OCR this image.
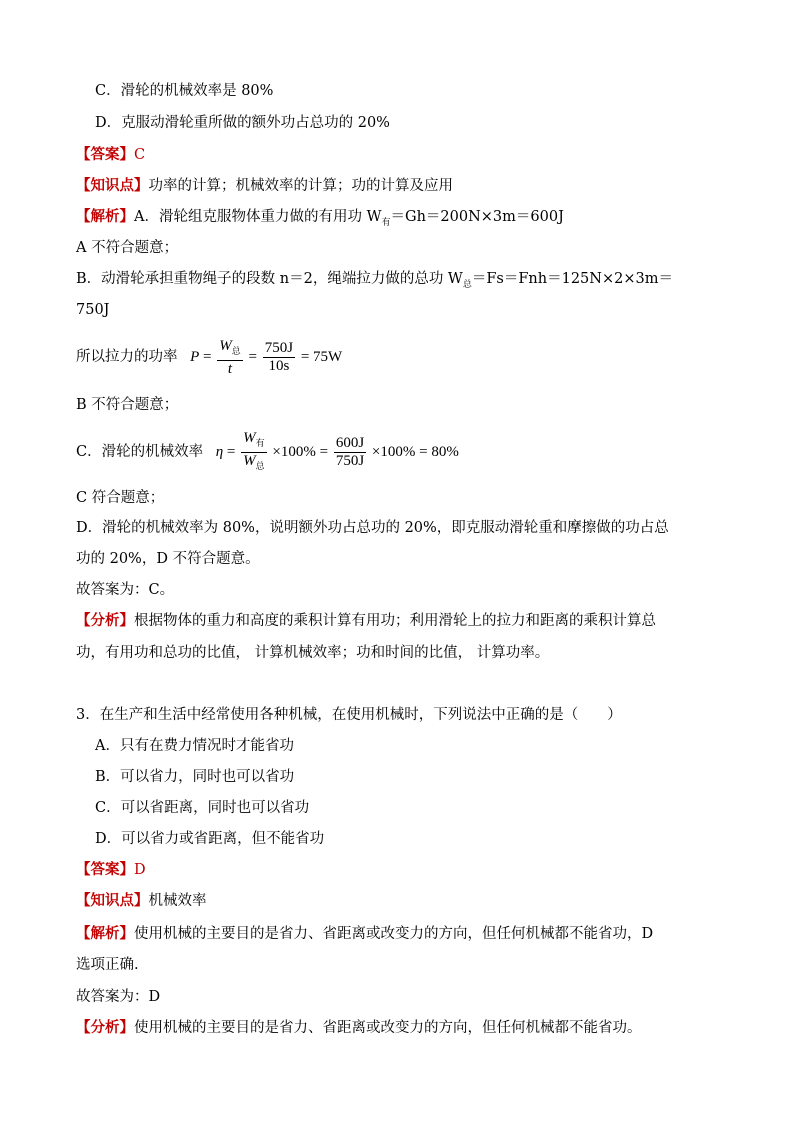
C．滑轮的机械效率是 80%
D．克服动滑轮重所做的额外功占总功的 20%
【答案】C
【知识点】功率的计算；机械效率的计算；功的计算及应用
【解析】A．滑轮组克服物体重力做的有用功 $W_有=Gh=200N\times 3m=600J$
A 不符合题意；
B．动滑轮承担重物绳子的段数 n＝2，绳端拉力做的总功 $W_总=Fs=Fnh=125N\times 2\times 3m=$
750J
所以拉力的功率 $P = \frac{W_总}{t} = \frac{750J}{10s} = 75W$
B 不符合题意；
C．滑轮的机械效率 $\eta = \frac{W_有}{W_总} \times 100\% = \frac{600J}{750J} \times 100\% = 80\%$
C 符合题意；
D．滑轮的机械效率为 80%，说明额外功占总功的 20%，即克服动滑轮重和摩擦做的功占总
功的 20%，D 不符合题意。
故答案为：C。
【分析】根据物体的重力和高度的乘积计算有用功；利用滑轮上的拉力和距离的乘积计算总
功，有用功和总功的比值， 计算机械效率；功和时间的比值， 计算功率。
3．在生产和生活中经常使用各种机械，在使用机械时，下列说法中正确的是（　　）
A．只有在费力情况时才能省功
B．可以省力，同时也可以省功
C．可以省距离，同时也可以省功
D．可以省力或省距离，但不能省功
【答案】D
【知识点】机械效率
【解析】使用机械的主要目的是省力、省距离或改变力的方向，但任何机械都不能省功，D
选项正确.
故答案为：D
【分析】使用机械的主要目的是省力、省距离或改变力的方向，但任何机械都不能省功。
